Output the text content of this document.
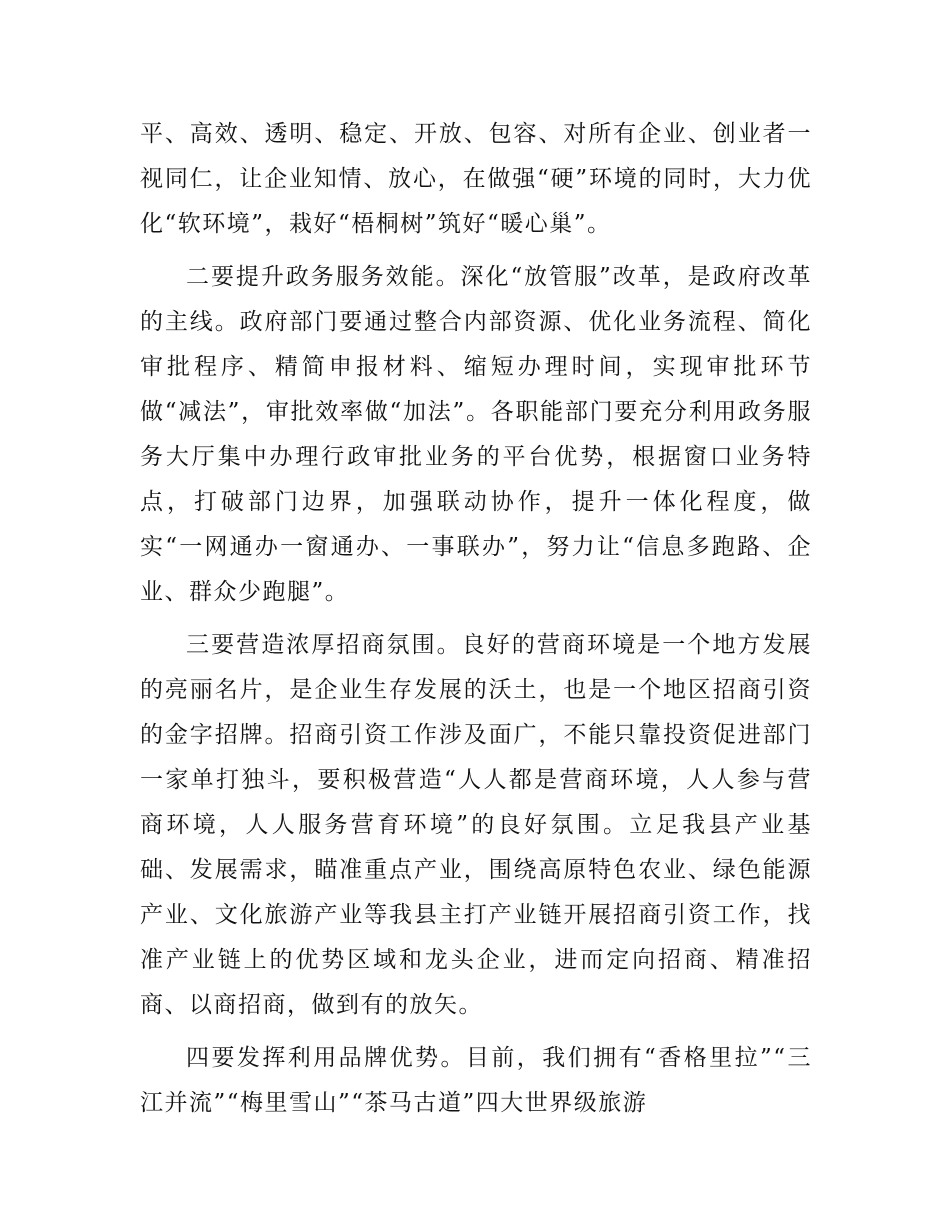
平、高效、透明、稳定、开放、包容、对所有企业、创业者一视同仁，让企业知情、放心，在做强“硬”环境的同时，大力优化“软环境”，栽好“梧桐树”筑好“暖心巢”。

二要提升政务服务效能。深化“放管服”改革，是政府改革的主线。政府部门要通过整合内部资源、优化业务流程、简化审批程序、精简申报材料、缩短办理时间，实现审批环节做“减法”，审批效率做“加法”。各职能部门要充分利用政务服务大厅集中办理行政审批业务的平台优势，根据窗口业务特点，打破部门边界，加强联动协作，提升一体化程度，做实“一网通办一窗通办、一事联办”，努力让“信息多跑路、企业、群众少跑腿”。

三要营造浓厚招商氛围。良好的营商环境是一个地方发展的亮丽名片，是企业生存发展的沃土，也是一个地区招商引资的金字招牌。招商引资工作涉及面广，不能只靠投资促进部门一家单打独斗，要积极营造“人人都是营商环境，人人参与营商环境，人人服务营育环境”的良好氛围。立足我县产业基础、发展需求，瞄准重点产业，围绕高原特色农业、绿色能源产业、文化旅游产业等我县主打产业链开展招商引资工作，找准产业链上的优势区域和龙头企业，进而定向招商、精准招商、以商招商，做到有的放矢。

四要发挥利用品牌优势。目前，我们拥有“香格里拉”“三江并流”“梅里雪山”“茶马古道”四大世界级旅游
